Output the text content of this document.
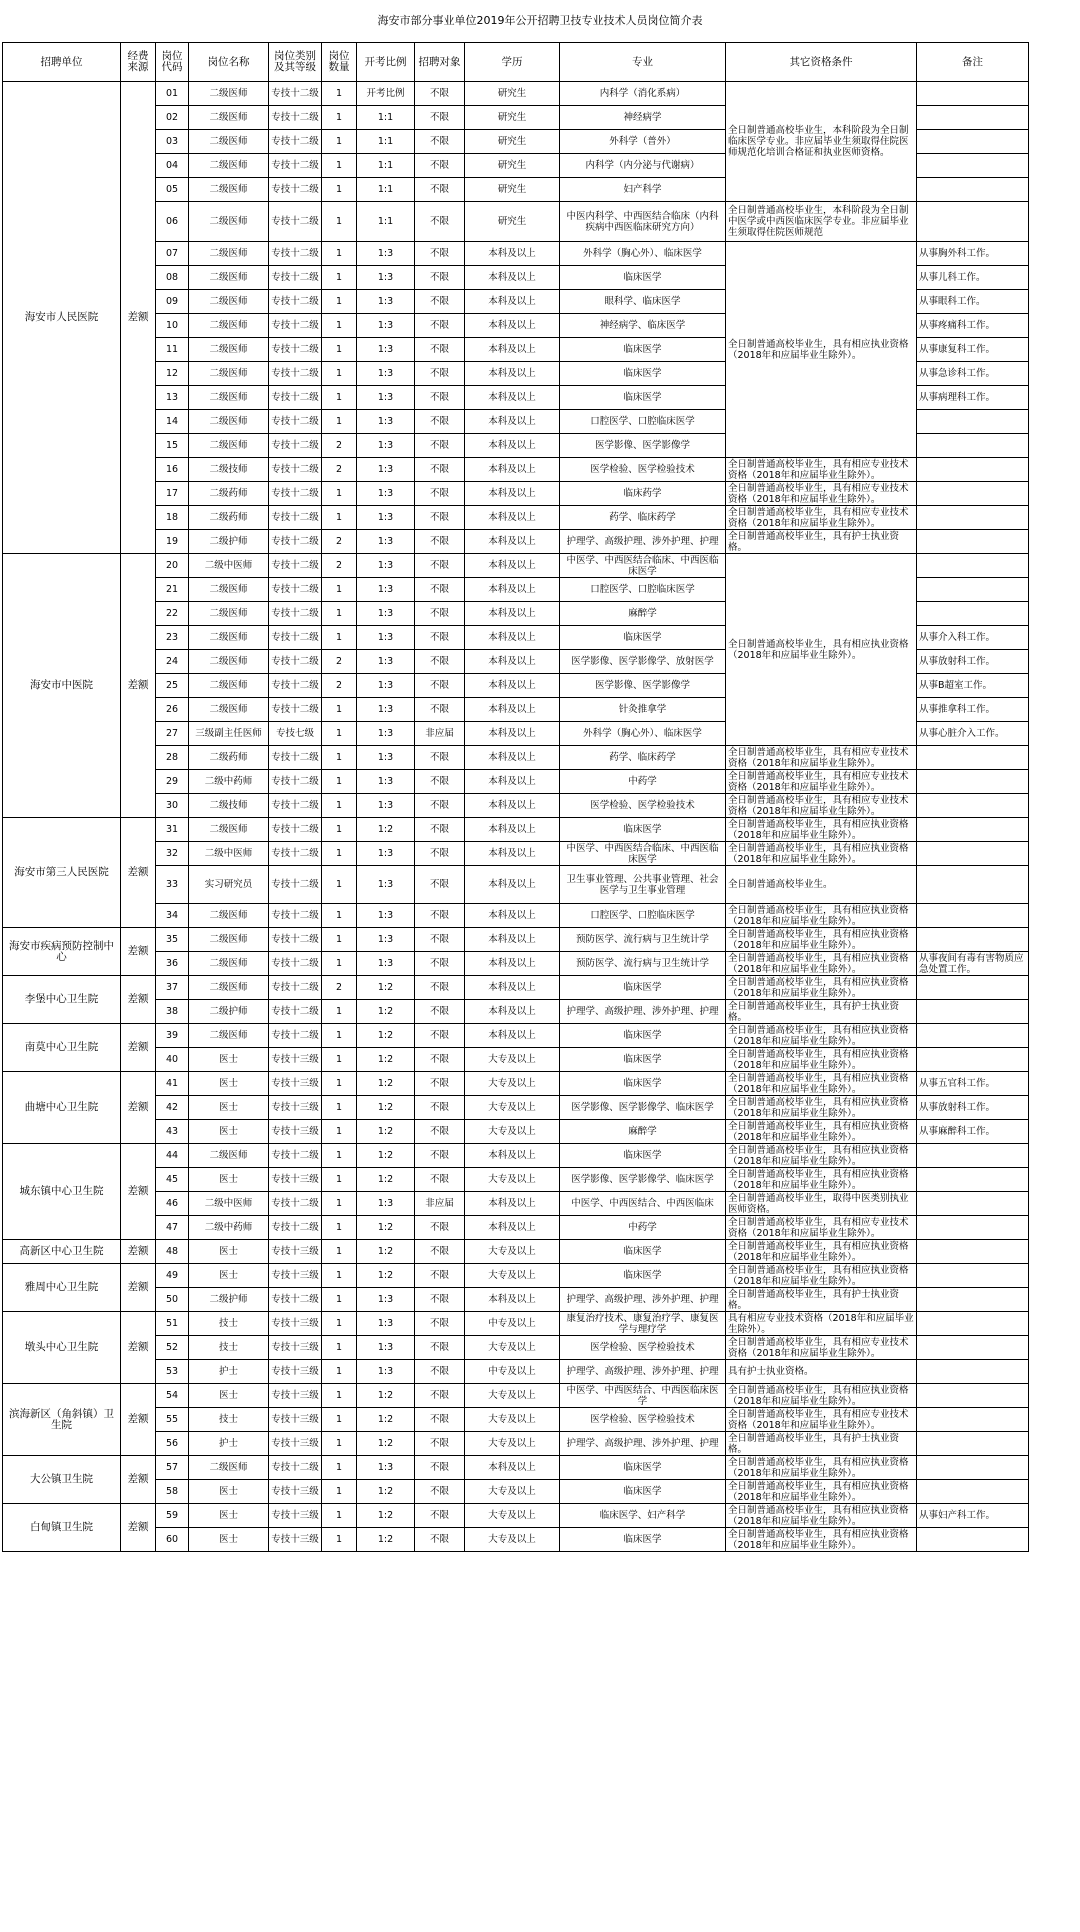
海安市部分事业单位2019年公开招聘卫技专业技术人员岗位简介表
招聘单位	经费来源	岗位代码	岗位名称	岗位类别及其等级	岗位数量	开考比例	招聘对象	学历	专业	其它资格条件	备注
海安市人民医院	差额	01	二级医师	专技十二级	1	开考比例	不限	研究生	内科学（消化系病）	全日制普通高校毕业生，本科阶段为全日制临床医学专业。非应届毕业生须取得住院医师规范化培训合格证和执业医师资格。	
		02	二级医师	专技十二级	1	1:1	不限	研究生	神经病学		
		03	二级医师	专技十二级	1	1:1	不限	研究生	外科学（普外）		
		04	二级医师	专技十二级	1	1:1	不限	研究生	内科学（内分泌与代谢病）		
		05	二级医师	专技十二级	1	1:1	不限	研究生	妇产科学		
		06	二级医师	专技十二级	1	1:1	不限	研究生	中医内科学、中西医结合临床（内科疾病中西医临床研究方向）	全日制普通高校毕业生，本科阶段为全日制中医学或中西医临床医学专业。非应届毕业生须取得住院医师规范	
		07	二级医师	专技十二级	1	1:3	不限	本科及以上	外科学（胸心外）、临床医学	全日制普通高校毕业生，具有相应执业资格（2018年和应届毕业生除外）。	从事胸外科工作。
		08	二级医师	专技十二级	1	1:3	不限	本科及以上	临床医学		从事儿科工作。
		09	二级医师	专技十二级	1	1:3	不限	本科及以上	眼科学、临床医学		从事眼科工作。
		10	二级医师	专技十二级	1	1:3	不限	本科及以上	神经病学、临床医学		从事疼痛科工作。
		11	二级医师	专技十二级	1	1:3	不限	本科及以上	临床医学		从事康复科工作。
		12	二级医师	专技十二级	1	1:3	不限	本科及以上	临床医学		从事急诊科工作。
		13	二级医师	专技十二级	1	1:3	不限	本科及以上	临床医学		从事病理科工作。
		14	二级医师	专技十二级	1	1:3	不限	本科及以上	口腔医学、口腔临床医学		
		15	二级医师	专技十二级	2	1:3	不限	本科及以上	医学影像、医学影像学		
		16	二级技师	专技十二级	2	1:3	不限	本科及以上	医学检验、医学检验技术	全日制普通高校毕业生，具有相应专业技术资格（2018年和应届毕业生除外）。	
		17	二级药师	专技十二级	1	1:3	不限	本科及以上	临床药学	全日制普通高校毕业生，具有相应专业技术资格（2018年和应届毕业生除外）。	
		18	二级药师	专技十二级	1	1:3	不限	本科及以上	药学、临床药学	全日制普通高校毕业生，具有相应专业技术资格（2018年和应届毕业生除外）。	
		19	二级护师	专技十二级	2	1:3	不限	本科及以上	护理学、高级护理、涉外护理、护理	全日制普通高校毕业生，具有护士执业资格。	
海安市中医院	差额	20	二级中医师	专技十二级	2	1:3	不限	本科及以上	中医学、中西医结合临床、中西医临床医学	全日制普通高校毕业生，具有相应执业资格（2018年和应届毕业生除外）。	
		21	二级医师	专技十二级	1	1:3	不限	本科及以上	口腔医学、口腔临床医学		
		22	二级医师	专技十二级	1	1:3	不限	本科及以上	麻醉学		
		23	二级医师	专技十二级	1	1:3	不限	本科及以上	临床医学		从事介入科工作。
		24	二级医师	专技十二级	2	1:3	不限	本科及以上	医学影像、医学影像学、放射医学		从事放射科工作。
		25	二级医师	专技十二级	2	1:3	不限	本科及以上	医学影像、医学影像学		从事B超室工作。
		26	二级医师	专技十二级	1	1:3	不限	本科及以上	针灸推拿学		从事推拿科工作。
		27	三级副主任医师	专技七级	1	1:3	非应届	本科及以上	外科学（胸心外）、临床医学		从事心脏介入工作。
		28	二级药师	专技十二级	1	1:3	不限	本科及以上	药学、临床药学	全日制普通高校毕业生，具有相应专业技术资格（2018年和应届毕业生除外）。	
		29	二级中药师	专技十二级	1	1:3	不限	本科及以上	中药学	全日制普通高校毕业生，具有相应专业技术资格（2018年和应届毕业生除外）。	
		30	二级技师	专技十二级	1	1:3	不限	本科及以上	医学检验、医学检验技术	全日制普通高校毕业生，具有相应专业技术资格（2018年和应届毕业生除外）。	
海安市第三人民医院	差额	31	二级医师	专技十二级	1	1:2	不限	本科及以上	临床医学	全日制普通高校毕业生，具有相应执业资格（2018年和应届毕业生除外）。	
		32	二级中医师	专技十二级	1	1:3	不限	本科及以上	中医学、中西医结合临床、中西医临床医学	全日制普通高校毕业生，具有相应执业资格（2018年和应届毕业生除外）。	
		33	实习研究员	专技十二级	1	1:3	不限	本科及以上	卫生事业管理、公共事业管理、社会医学与卫生事业管理	全日制普通高校毕业生。	
		34	二级医师	专技十二级	1	1:3	不限	本科及以上	口腔医学、口腔临床医学	全日制普通高校毕业生，具有相应执业资格（2018年和应届毕业生除外）。	
海安市疾病预防控制中心	差额	35	二级医师	专技十二级	1	1:3	不限	本科及以上	预防医学、流行病与卫生统计学	全日制普通高校毕业生，具有相应执业资格（2018年和应届毕业生除外）。	
		36	二级医师	专技十二级	1	1:3	不限	本科及以上	预防医学、流行病与卫生统计学	全日制普通高校毕业生，具有相应执业资格（2018年和应届毕业生除外）。	从事夜间有毒有害物质应急处置工作。
李堡中心卫生院	差额	37	二级医师	专技十二级	2	1:2	不限	本科及以上	临床医学	全日制普通高校毕业生，具有相应执业资格（2018年和应届毕业生除外）。	
		38	二级护师	专技十二级	1	1:2	不限	本科及以上	护理学、高级护理、涉外护理、护理	全日制普通高校毕业生，具有护士执业资格。	
南莫中心卫生院	差额	39	二级医师	专技十二级	1	1:2	不限	本科及以上	临床医学	全日制普通高校毕业生，具有相应执业资格（2018年和应届毕业生除外）。	
		40	医士	专技十三级	1	1:2	不限	大专及以上	临床医学	全日制普通高校毕业生，具有相应执业资格（2018年和应届毕业生除外）。	
曲塘中心卫生院	差额	41	医士	专技十三级	1	1:2	不限	大专及以上	临床医学	全日制普通高校毕业生，具有相应执业资格（2018年和应届毕业生除外）。	从事五官科工作。
		42	医士	专技十三级	1	1:2	不限	大专及以上	医学影像、医学影像学、临床医学	全日制普通高校毕业生，具有相应执业资格（2018年和应届毕业生除外）。	从事放射科工作。
		43	医士	专技十三级	1	1:2	不限	大专及以上	麻醉学	全日制普通高校毕业生，具有相应执业资格（2018年和应届毕业生除外）。	从事麻醉科工作。
城东镇中心卫生院	差额	44	二级医师	专技十二级	1	1:2	不限	本科及以上	临床医学	全日制普通高校毕业生，具有相应执业资格（2018年和应届毕业生除外）。	
		45	医士	专技十三级	1	1:2	不限	大专及以上	医学影像、医学影像学、临床医学	全日制普通高校毕业生，具有相应执业资格（2018年和应届毕业生除外）。	
		46	二级中医师	专技十二级	1	1:3	非应届	本科及以上	中医学、中西医结合、中西医临床	全日制普通高校毕业生，取得中医类别执业医师资格。	
		47	二级中药师	专技十二级	1	1:2	不限	本科及以上	中药学	全日制普通高校毕业生，具有相应专业技术资格（2018年和应届毕业生除外）。	
高新区中心卫生院	差额	48	医士	专技十三级	1	1:2	不限	大专及以上	临床医学	全日制普通高校毕业生，具有相应执业资格（2018年和应届毕业生除外）。	
雅周中心卫生院	差额	49	医士	专技十三级	1	1:2	不限	大专及以上	临床医学	全日制普通高校毕业生，具有相应执业资格（2018年和应届毕业生除外）。	
		50	二级护师	专技十二级	1	1:3	不限	本科及以上	护理学、高级护理、涉外护理、护理	全日制普通高校毕业生，具有护士执业资格。	
墩头中心卫生院	差额	51	技士	专技十三级	1	1:3	不限	中专及以上	康复治疗技术、康复治疗学、康复医学与理疗学	具有相应专业技术资格（2018年和应届毕业生除外）。	
		52	技士	专技十三级	1	1:3	不限	大专及以上	医学检验、医学检验技术	全日制普通高校毕业生，具有相应专业技术资格（2018年和应届毕业生除外）。	
		53	护士	专技十三级	1	1:3	不限	中专及以上	护理学、高级护理、涉外护理、护理	具有护士执业资格。	
滨海新区（角斜镇）卫生院	差额	54	医士	专技十三级	1	1:2	不限	大专及以上	中医学、中西医结合、中西医临床医学	全日制普通高校毕业生，具有相应执业资格（2018年和应届毕业生除外）。	
		55	技士	专技十三级	1	1:2	不限	大专及以上	医学检验、医学检验技术	全日制普通高校毕业生，具有相应专业技术资格（2018年和应届毕业生除外）。	
		56	护士	专技十三级	1	1:2	不限	大专及以上	护理学、高级护理、涉外护理、护理	全日制普通高校毕业生，具有护士执业资格。	
大公镇卫生院	差额	57	二级医师	专技十二级	1	1:3	不限	本科及以上	临床医学	全日制普通高校毕业生，具有相应执业资格（2018年和应届毕业生除外）。	
		58	医士	专技十三级	1	1:2	不限	大专及以上	临床医学	全日制普通高校毕业生，具有相应执业资格（2018年和应届毕业生除外）。	
白甸镇卫生院	差额	59	医士	专技十三级	1	1:2	不限	大专及以上	临床医学、妇产科学	全日制普通高校毕业生，具有相应执业资格（2018年和应届毕业生除外）。	从事妇产科工作。
		60	医士	专技十三级	1	1:2	不限	大专及以上	临床医学	全日制普通高校毕业生，具有相应执业资格（2018年和应届毕业生除外）。	
